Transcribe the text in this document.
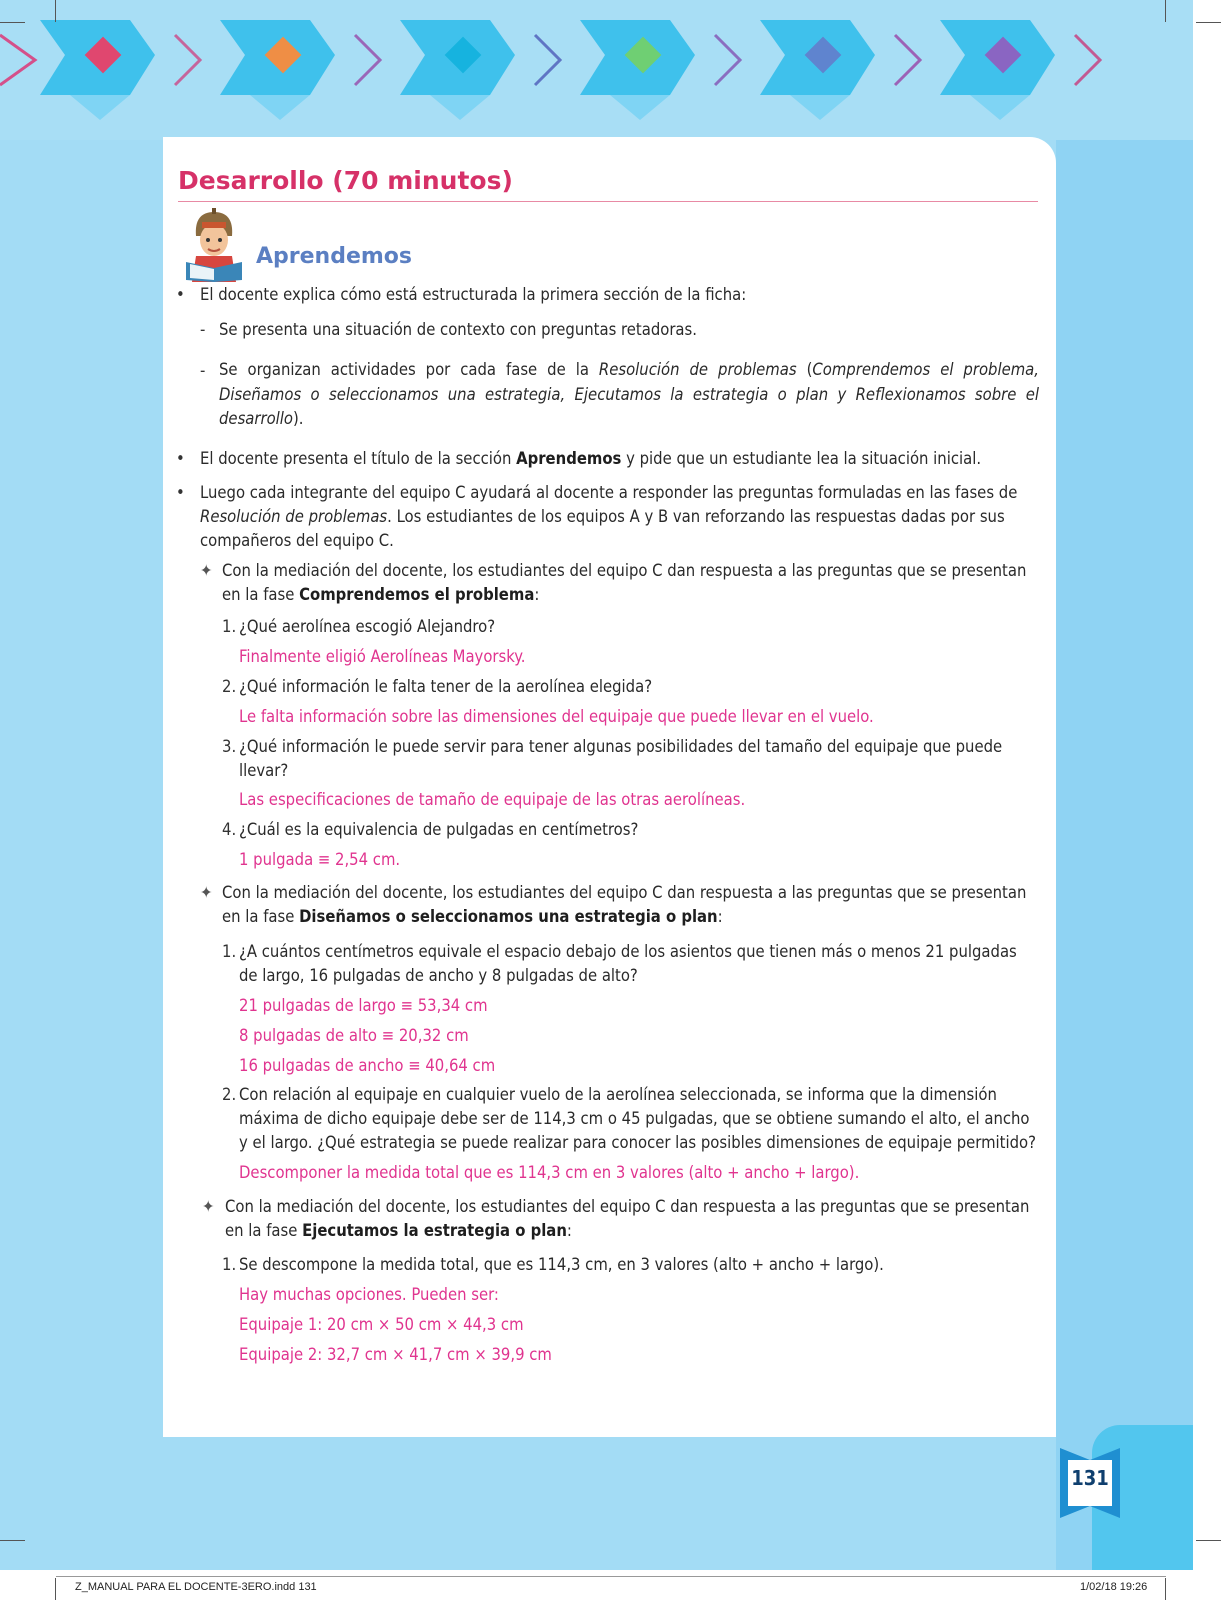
131
Z_MANUAL PARA EL DOCENTE-3ERO.indd 131	1/02/18 19:26
Desarrollo (70 minutos)
Aprendemos
• El docente explica cómo está estructurada la primera sección de la ficha:
- Se presenta una situación de contexto con preguntas retadoras.
- Se organizan actividades por cada fase de la Resolución de problemas (Comprendemos el problema, Diseñamos o seleccionamos una estrategia, Ejecutamos la estrategia o plan y Reflexionamos sobre el desarrollo).
• El docente presenta el título de la sección Aprendemos y pide que un estudiante lea la situación inicial.
• Luego cada integrante del equipo C ayudará al docente a responder las preguntas formuladas en las fases de
Resolución de problemas. Los estudiantes de los equipos A y B van reforzando las respuestas dadas por sus
compañeros del equipo C.
✦ Con la mediación del docente, los estudiantes del equipo C dan respuesta a las preguntas que se presentan
en la fase Comprendemos el problema:
1. ¿Qué aerolínea escogió Alejandro?
Finalmente eligió Aerolíneas Mayorsky.
2. ¿Qué información le falta tener de la aerolínea elegida?
Le falta información sobre las dimensiones del equipaje que puede llevar en el vuelo.
3. ¿Qué información le puede servir para tener algunas posibilidades del tamaño del equipaje que puede
llevar?
Las especificaciones de tamaño de equipaje de las otras aerolíneas.
4. ¿Cuál es la equivalencia de pulgadas en centímetros?
1 pulgada ≡ 2,54 cm.
✦ Con la mediación del docente, los estudiantes del equipo C dan respuesta a las preguntas que se presentan
en la fase Diseñamos o seleccionamos una estrategia o plan:
1. ¿A cuántos centímetros equivale el espacio debajo de los asientos que tienen más o menos 21 pulgadas
de largo, 16 pulgadas de ancho y 8 pulgadas de alto?
21 pulgadas de largo ≡ 53,34 cm
8 pulgadas de alto ≡ 20,32 cm
16 pulgadas de ancho ≡ 40,64 cm
2. Con relación al equipaje en cualquier vuelo de la aerolínea seleccionada, se informa que la dimensión
máxima de dicho equipaje debe ser de 114,3 cm o 45 pulgadas, que se obtiene sumando el alto, el ancho
y el largo. ¿Qué estrategia se puede realizar para conocer las posibles dimensiones de equipaje permitido?
Descomponer la medida total que es 114,3 cm en 3 valores (alto + ancho + largo).
✦ Con la mediación del docente, los estudiantes del equipo C dan respuesta a las preguntas que se presentan
en la fase Ejecutamos la estrategia o plan:
1. Se descompone la medida total, que es 114,3 cm, en 3 valores (alto + ancho + largo).
Hay muchas opciones. Pueden ser:
Equipaje 1: 20 cm × 50 cm × 44,3 cm
Equipaje 2: 32,7 cm × 41,7 cm × 39,9 cm
